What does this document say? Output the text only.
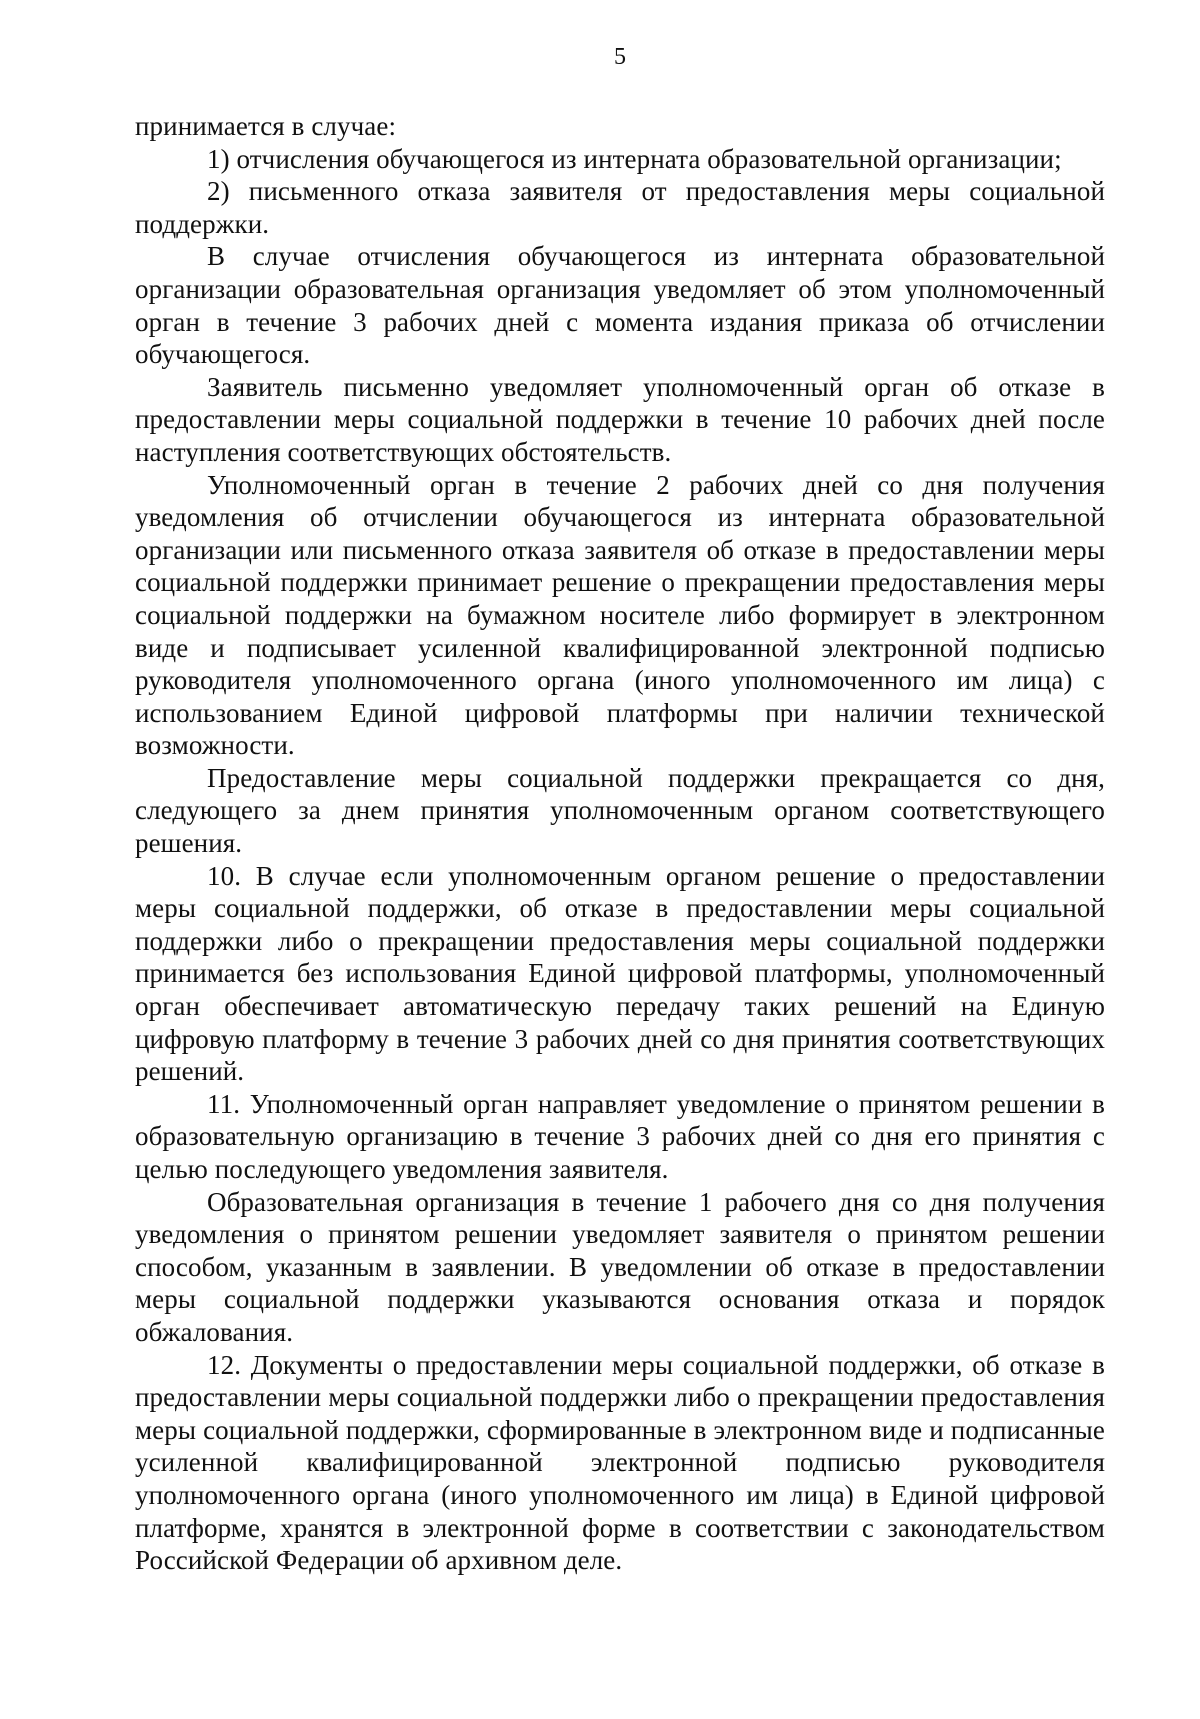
5

принимается в случае:

1) отчисления обучающегося из интерната образовательной организации;

2) письменного отказа заявителя от предоставления меры социальной поддержки.

В случае отчисления обучающегося из интерната образовательной организации образовательная организация уведомляет об этом уполномоченный орган в течение 3 рабочих дней с момента издания приказа об отчислении обучающегося.

Заявитель письменно уведомляет уполномоченный орган об отказе в предоставлении меры социальной поддержки в течение 10 рабочих дней после наступления соответствующих обстоятельств.

Уполномоченный орган в течение 2 рабочих дней со дня получения уведомления об отчислении обучающегося из интерната образовательной организации или письменного отказа заявителя об отказе в предоставлении меры социальной поддержки принимает решение о прекращении предоставления меры социальной поддержки на бумажном носителе либо формирует в электронном виде и подписывает усиленной квалифицированной электронной подписью руководителя уполномоченного органа (иного уполномоченного им лица) с использованием Единой цифровой платформы при наличии технической возможности.

Предоставление меры социальной поддержки прекращается со дня, следующего за днем принятия уполномоченным органом соответствующего решения.

10. В случае если уполномоченным органом решение о предоставлении меры социальной поддержки, об отказе в предоставлении меры социальной поддержки либо о прекращении предоставления меры социальной поддержки принимается без использования Единой цифровой платформы, уполномоченный орган обеспечивает автоматическую передачу таких решений на Единую цифровую платформу в течение 3 рабочих дней со дня принятия соответствующих решений.

11. Уполномоченный орган направляет уведомление о принятом решении в образовательную организацию в течение 3 рабочих дней со дня его принятия с целью последующего уведомления заявителя.

Образовательная организация в течение 1 рабочего дня со дня получения уведомления о принятом решении уведомляет заявителя о принятом решении способом, указанным в заявлении. В уведомлении об отказе в предоставлении меры социальной поддержки указываются основания отказа и порядок обжалования.

12. Документы о предоставлении меры социальной поддержки, об отказе в предоставлении меры социальной поддержки либо о прекращении предоставления меры социальной поддержки, сформированные в электронном виде и подписанные усиленной квалифицированной электронной подписью руководителя уполномоченного органа (иного уполномоченного им лица) в Единой цифровой платформе, хранятся в электронной форме в соответствии с законодательством Российской Федерации об архивном деле.
